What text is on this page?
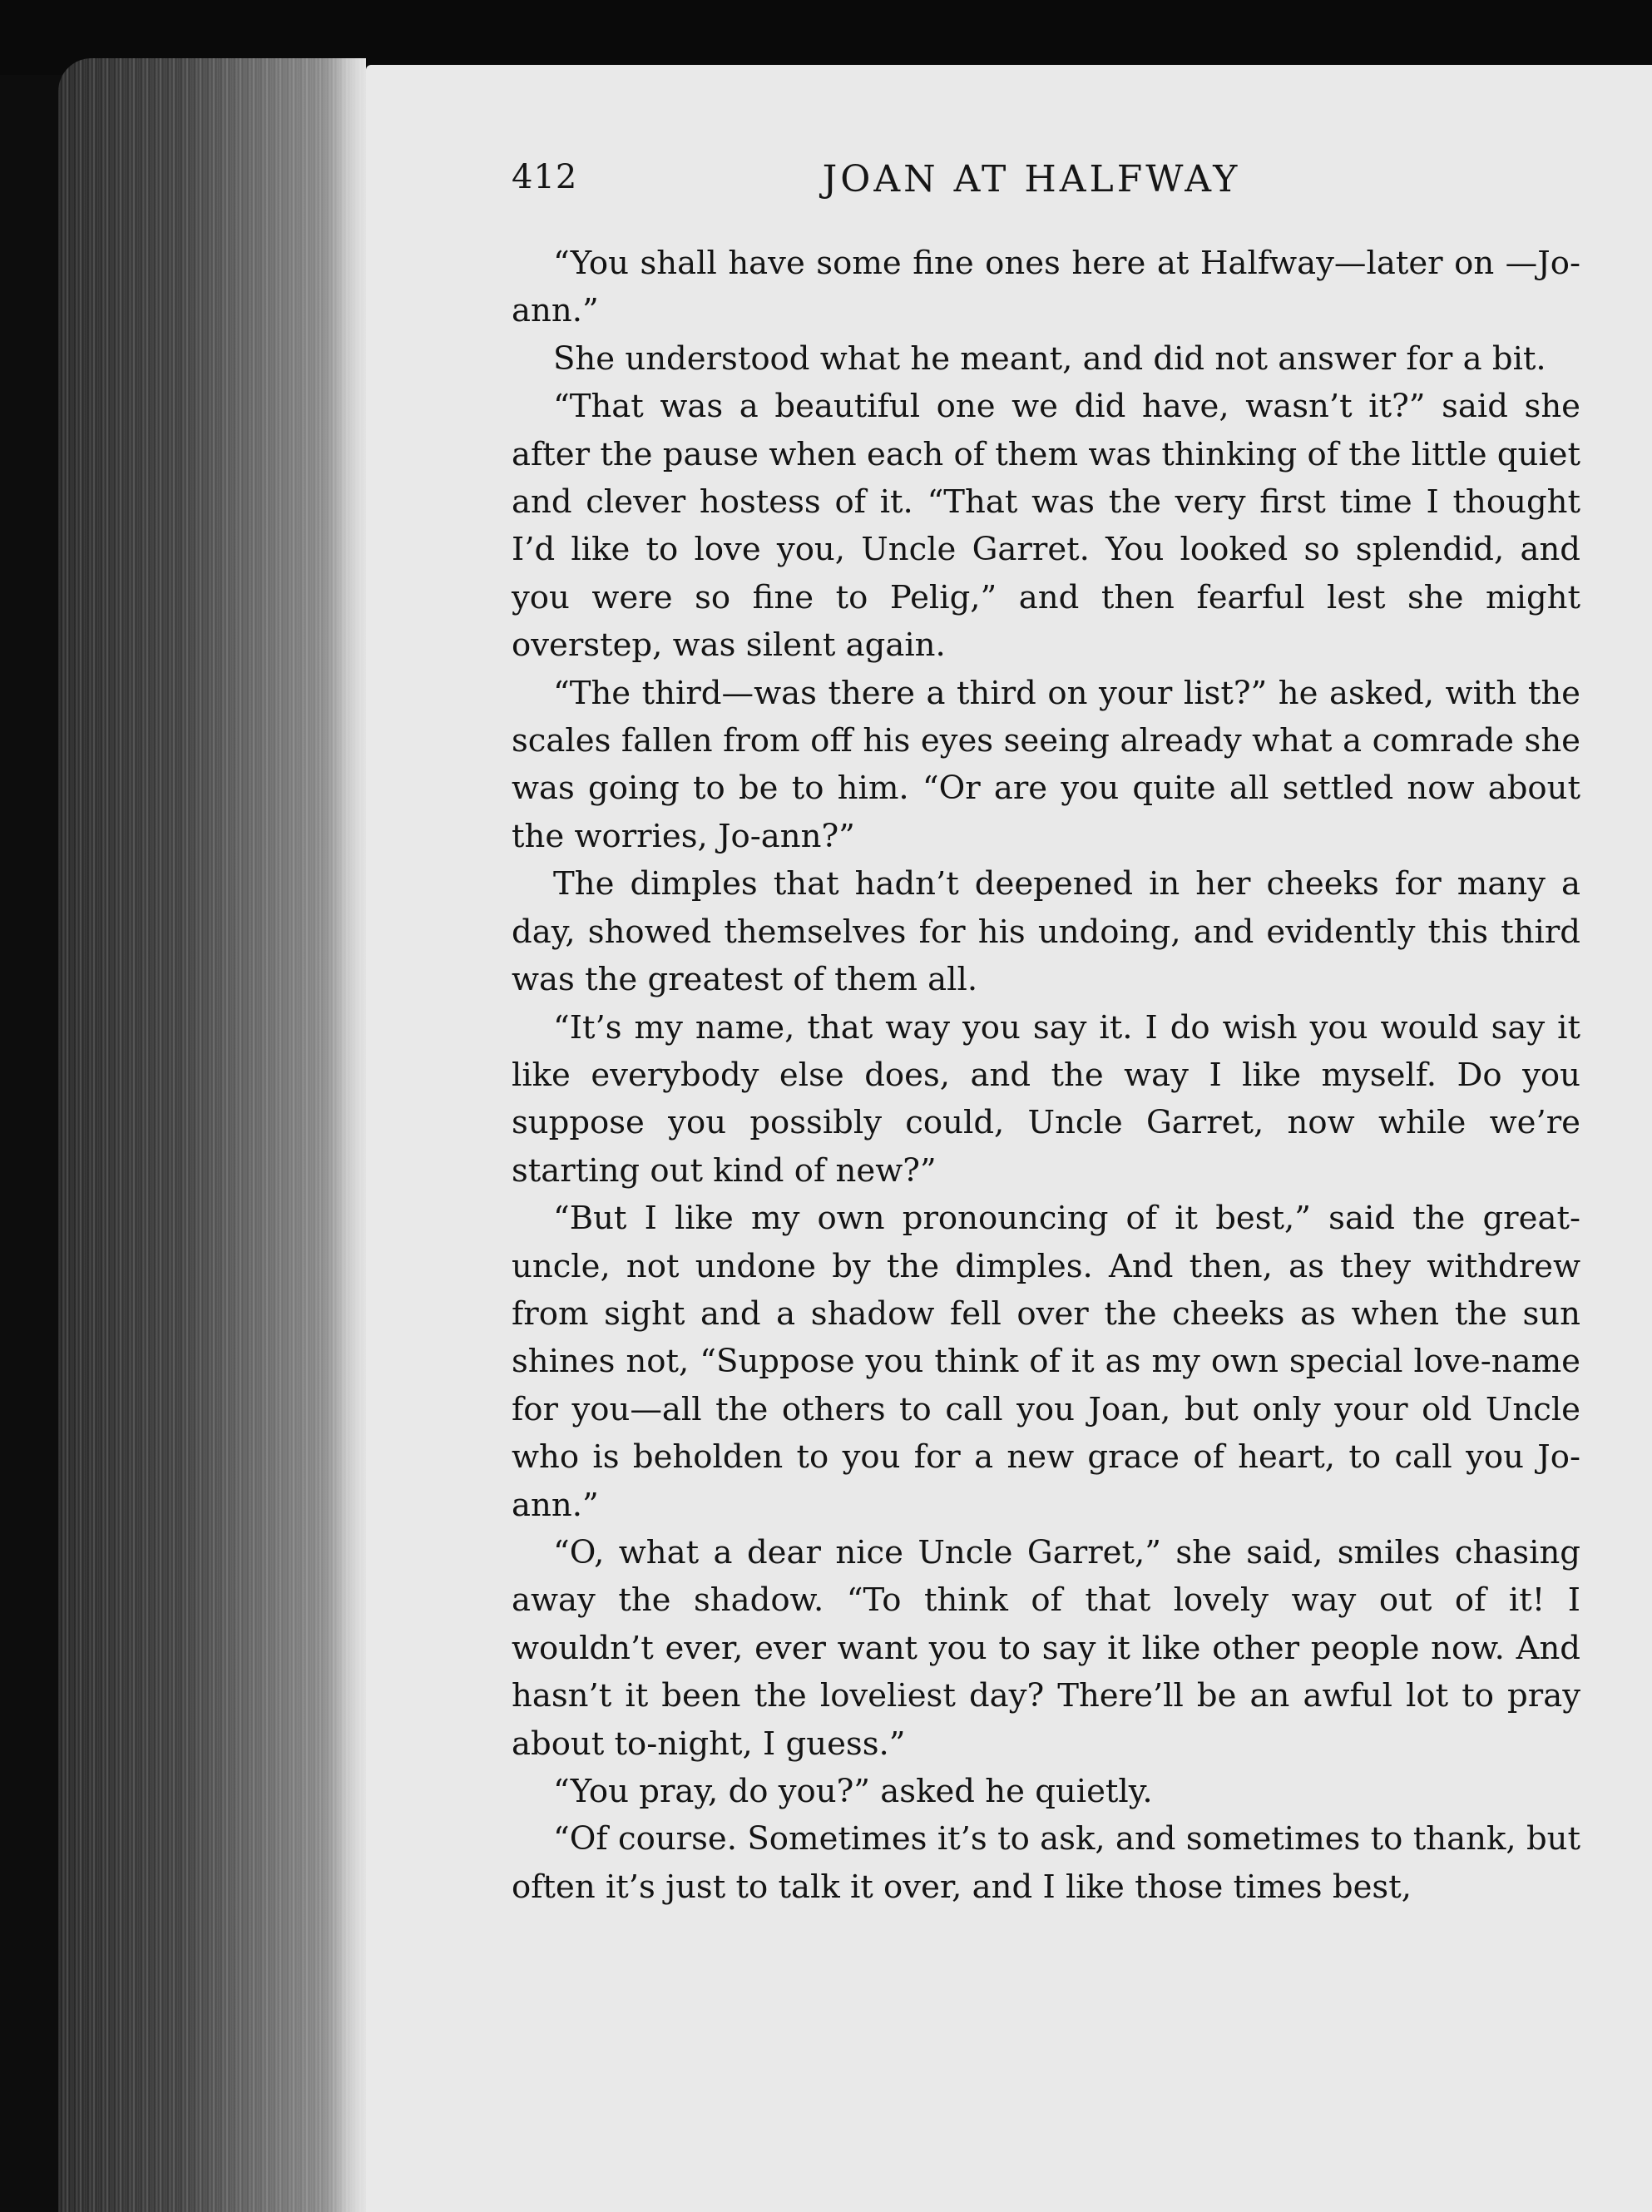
412	JOAN AT HALFWAY

“You shall have some fine ones here at Halfway—later on —Jo-ann.”

She understood what he meant, and did not answer for a bit.

“That was a beautiful one we did have, wasn’t it?” said she after the pause when each of them was thinking of the little quiet and clever hostess of it. “That was the very first time I thought I’d like to love you, Uncle Garret. You looked so splendid, and you were so fine to Pelig,” and then fearful lest she might overstep, was silent again.

“The third—was there a third on your list?” he asked, with the scales fallen from off his eyes seeing already what a comrade she was going to be to him. “Or are you quite all settled now about the worries, Jo-ann?”

The dimples that hadn’t deepened in her cheeks for many a day, showed themselves for his undoing, and evidently this third was the greatest of them all.

“It’s my name, that way you say it. I do wish you would say it like everybody else does, and the way I like myself. Do you suppose you possibly could, Uncle Garret, now while we’re starting out kind of new?”

“But I like my own pronouncing of it best,” said the great-uncle, not undone by the dimples. And then, as they withdrew from sight and a shadow fell over the cheeks as when the sun shines not, “Suppose you think of it as my own special love-name for you—all the others to call you Joan, but only your old Uncle who is beholden to you for a new grace of heart, to call you Jo-ann.”

“O, what a dear nice Uncle Garret,” she said, smiles chasing away the shadow. “To think of that lovely way out of it! I wouldn’t ever, ever want you to say it like other people now. And hasn’t it been the loveliest day? There’ll be an awful lot to pray about to-night, I guess.”

“You pray, do you?” asked he quietly.

“Of course. Sometimes it’s to ask, and sometimes to thank, but often it’s just to talk it over, and I like those times best,
